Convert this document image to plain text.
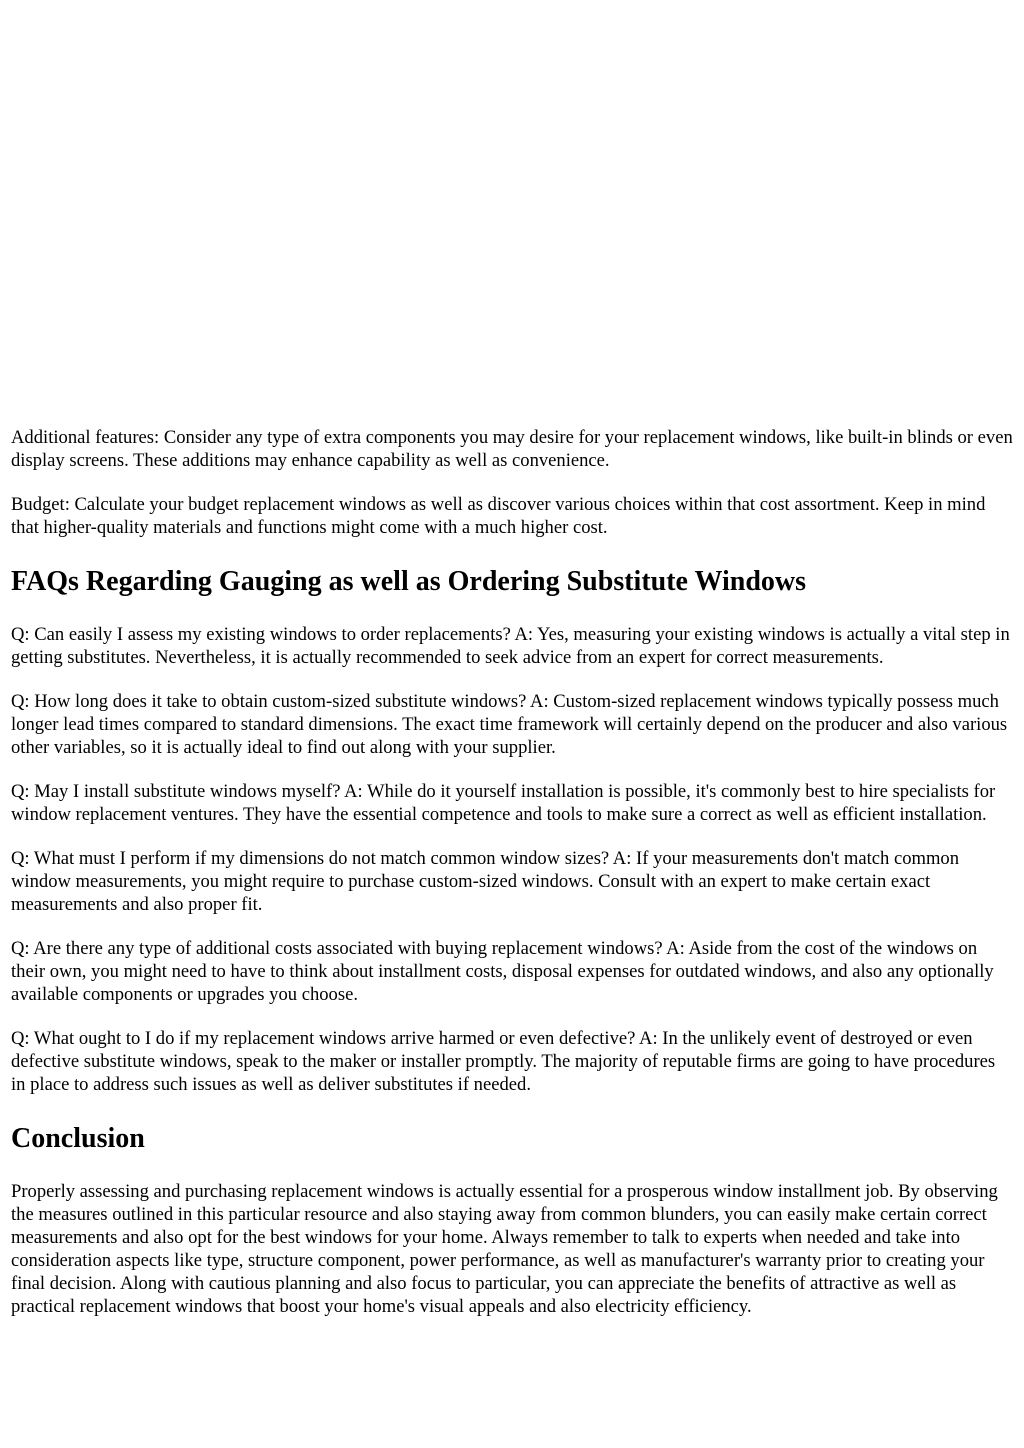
Additional features: Consider any type of extra components you may desire for your replacement windows, like built-in blinds or even display screens. These additions may enhance capability as well as convenience.

Budget: Calculate your budget replacement windows as well as discover various choices within that cost assortment. Keep in mind that higher-quality materials and functions might come with a much higher cost.

FAQs Regarding Gauging as well as Ordering Substitute Windows

Q: Can easily I assess my existing windows to order replacements? A: Yes, measuring your existing windows is actually a vital step in getting substitutes. Nevertheless, it is actually recommended to seek advice from an expert for correct measurements.

Q: How long does it take to obtain custom-sized substitute windows? A: Custom-sized replacement windows typically possess much longer lead times compared to standard dimensions. The exact time framework will certainly depend on the producer and also various other variables, so it is actually ideal to find out along with your supplier.

Q: May I install substitute windows myself? A: While do it yourself installation is possible, it's commonly best to hire specialists for window replacement ventures. They have the essential competence and tools to make sure a correct as well as efficient installation.

Q: What must I perform if my dimensions do not match common window sizes? A: If your measurements don't match common window measurements, you might require to purchase custom-sized windows. Consult with an expert to make certain exact measurements and also proper fit.

Q: Are there any type of additional costs associated with buying replacement windows? A: Aside from the cost of the windows on their own, you might need to have to think about installment costs, disposal expenses for outdated windows, and also any optionally available components or upgrades you choose.

Q: What ought to I do if my replacement windows arrive harmed or even defective? A: In the unlikely event of destroyed or even defective substitute windows, speak to the maker or installer promptly. The majority of reputable firms are going to have procedures in place to address such issues as well as deliver substitutes if needed.

Conclusion

Properly assessing and purchasing replacement windows is actually essential for a prosperous window installment job. By observing the measures outlined in this particular resource and also staying away from common blunders, you can easily make certain correct measurements and also opt for the best windows for your home. Always remember to talk to experts when needed and take into consideration aspects like type, structure component, power performance, as well as manufacturer's warranty prior to creating your final decision. Along with cautious planning and also focus to particular, you can appreciate the benefits of attractive as well as practical replacement windows that boost your home's visual appeals and also electricity efficiency.
